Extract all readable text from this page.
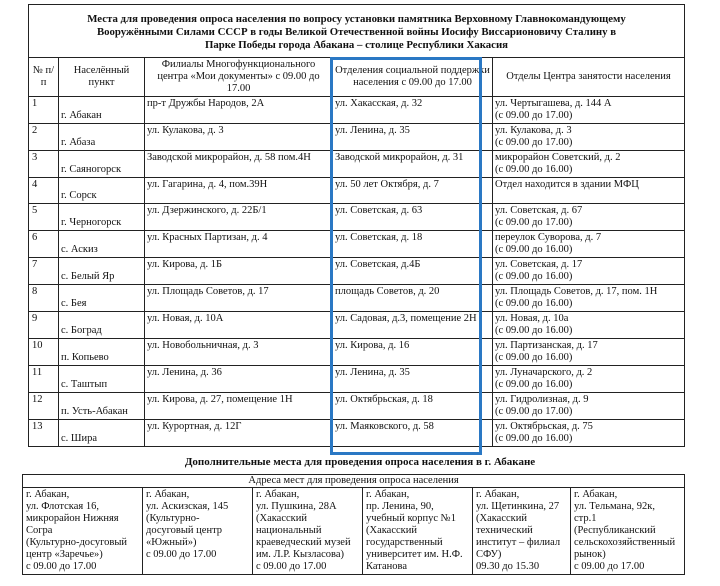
Места для проведения опроса населения по вопросу установки памятника Верховному Главнокомандующему
Вооружёнными Силами СССР в годы Великой Отечественной войны Иосифу Виссарионовичу Сталину в
Парке Победы города Абакана – столице Республики Хакасия				

№ п/п	Населённый пункт	Филиалы Многофункционального центра «Мои документы» с 09.00 до 17.00	Отделения социальной поддержки населения с 09.00 до 17.00	Отделы Центра занятости населения

1	г. Абакан	пр-т Дружбы Народов, 2А	ул. Хакасская, д. 32	ул. Чертыгашева, д. 144 А
(с 09.00 до 17.00)

2	г. Абаза	ул. Кулакова, д. 3	ул. Ленина, д. 35	ул. Кулакова, д. 3
(с 09.00 до 17.00)

3	г. Саяногорск	Заводской микрорайон, д. 58 пом.4Н	Заводской микрорайон, д. 31	микрорайон Советский, д. 2
(с 09.00 до 16.00)

4	г. Сорск	ул. Гагарина, д. 4, пом.39Н	ул. 50 лет Октября, д. 7	Отдел находится в здании МФЦ

5	г. Черногорск	ул. Дзержинского, д. 22Б/1	ул. Советская, д. 63	ул. Советская, д. 67
(с 09.00 до 17.00)

6	с. Аскиз	ул. Красных Партизан, д. 4	ул. Советская, д. 18	переулок Суворова, д. 7
(с 09.00 до 16.00)

7	с. Белый Яр	ул. Кирова, д. 1Б	ул. Советская, д.4Б	ул. Советская, д. 17
(с 09.00 до 16.00)

8	с. Бея	ул. Площадь Советов, д. 17	площадь Советов, д. 20	ул. Площадь Советов, д. 17, пом. 1Н
(с 09.00 до 16.00)

9	с. Боград	ул. Новая, д. 10А	ул. Садовая, д.3, помещение 2Н	ул. Новая, д. 10а
(с 09.00 до 16.00)

10	п. Копьево	ул. Новобольничная, д. 3	ул. Кирова, д. 16	ул. Партизанская, д. 17
(с 09.00 до 16.00)

11	с. Таштып	ул. Ленина, д. 36	ул. Ленина, д. 35	ул. Луначарского, д. 2
(с 09.00 до 16.00)

12	п. Усть-Абакан	ул. Кирова, д. 27, помещение 1Н	ул. Октябрьская, д. 18	ул. Гидролизная, д. 9
(с 09.00 до 17.00)

13	с. Шира	ул. Курортная, д. 12Г	ул. Маяковского, д. 58	ул. Октябрьская, д. 75
(с 09.00 до 16.00)
Дополнительные места для проведения опроса населения в г. Абакане
Адреса мест для проведения опроса населения

г. Абакан,
ул. Флотская 16,
микрорайон Нижняя
Согра
(Культурно-досуговый
центр «Заречье»)
с 09.00 до 17.00

г. Абакан,
ул. Аскизская, 145
(Культурно-
досуговый центр
«Южный»)
с 09.00 до 17.00

г. Абакан,
ул. Пушкина, 28А
(Хакасский
национальный
краеведческий музей
им. Л.Р. Кызласова)
с 09.00 до 17.00

г. Абакан,
пр. Ленина, 90,
учебный корпус №1
(Хакасский
государственный
университет им. Н.Ф.
Катанова

г. Абакан,
ул. Щетинкина, 27
(Хакасский
технический
институт – филиал
СФУ)
09.30 до 15.30

г. Абакан,
ул. Тельмана, 92к,
стр.1
(Республиканский
сельскохозяйственный
рынок)
с 09.00 до 17.00
